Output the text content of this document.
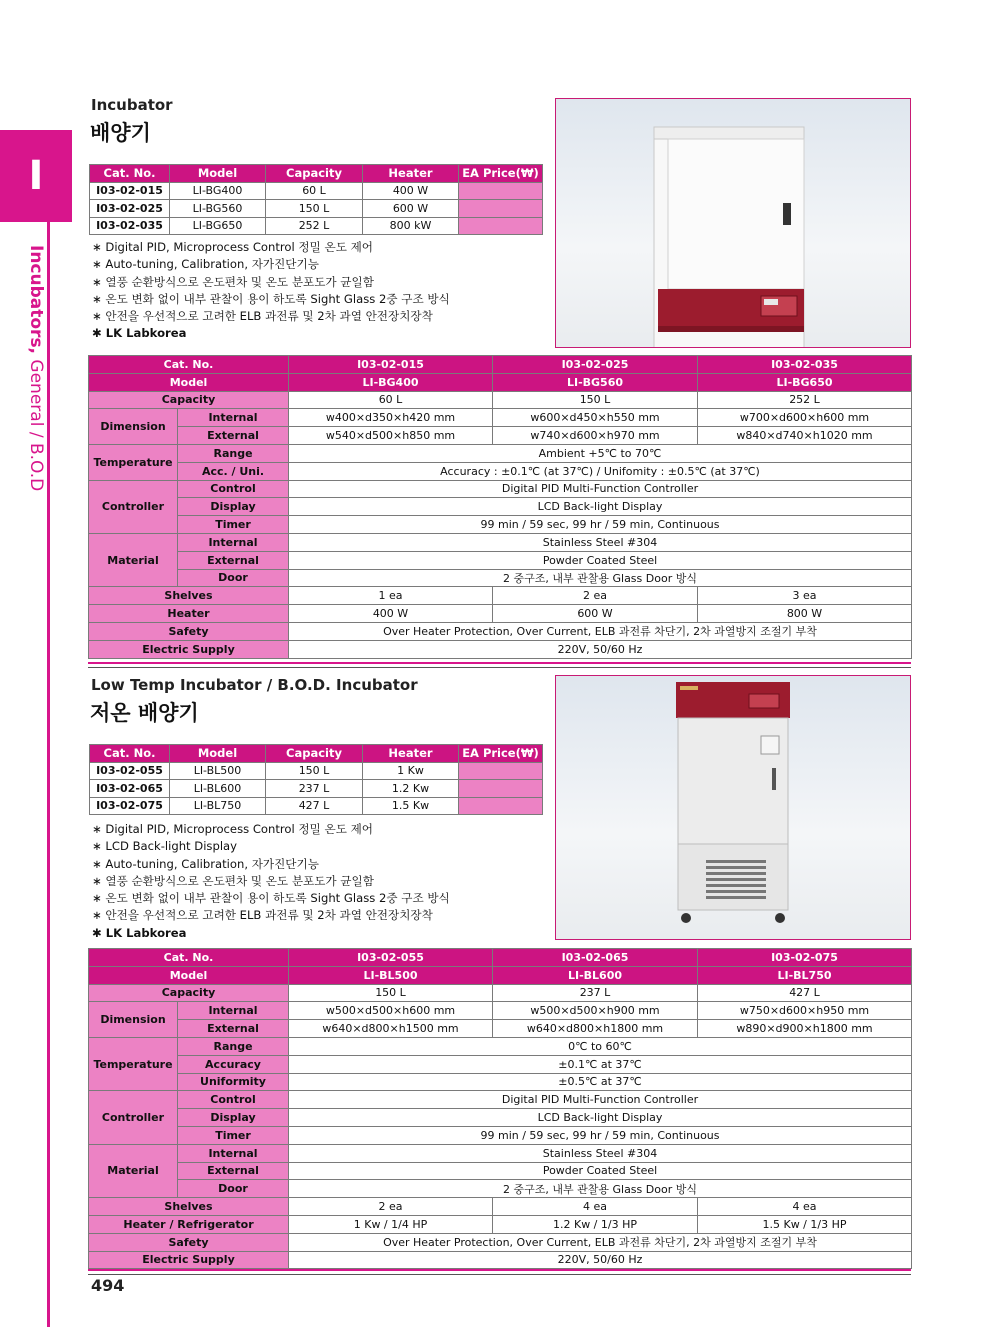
I
Incubators, General / B.O.D
Incubator
배양기
Cat. No.	Model	Capacity	Heater	EA Price(₩)
I03-02-015	LI-BG400	60 L	400 W	
I03-02-025	LI-BG560	150 L	600 W	
I03-02-035	LI-BG650	252 L	800 kW	
∗ Digital PID, Microprocess Control 정밀 온도 제어
∗ Auto-tuning, Calibration, 자가진단기능
∗ 열풍 순환방식으로 온도편차 및 온도 분포도가 균일함
∗ 온도 변화 없이 내부 관찰이 용이 하도록 Sight Glass 2중 구조 방식
∗ 안전을 우선적으로 고려한 ELB 과전류 및 2차 과열 안전장치장착
✱ LK Labkorea
Cat. No.		I03-02-015	I03-02-025	I03-02-035
Model		LI-BG400	LI-BG560	LI-BG650
Capacity		60 L	150 L	252 L
Dimension	Internal	w400×d350×h420 mm	w600×d450×h550 mm	w700×d600×h600 mm
	External	w540×d500×h850 mm	w740×d600×h970 mm	w840×d740×h1020 mm
Temperature	Range	Ambient +5℃ to 70℃		
	Acc. / Uni.	Accuracy : ±0.1℃ (at 37℃) / Unifomity : ±0.5℃ (at 37℃)		
Controller	Control	Digital PID Multi-Function Controller		
	Display	LCD Back-light Display		
	Timer	99 min / 59 sec, 99 hr / 59 min, Continuous		
Material	Internal	Stainless Steel #304		
	External	Powder Coated Steel		
	Door	2 중구조, 내부 관찰용 Glass Door 방식		
Shelves		1 ea	2 ea	3 ea
Heater		400 W	600 W	800 W
Safety		Over Heater Protection, Over Current, ELB 과전류 차단기, 2차 과열방지 조절기 부착		
Electric Supply		220V, 50/60 Hz		
Low Temp Incubator / B.O.D. Incubator
저온 배양기
Cat. No.	Model	Capacity	Heater	EA Price(₩)
I03-02-055	LI-BL500	150 L	1 Kw	
I03-02-065	LI-BL600	237 L	1.2 Kw	
I03-02-075	LI-BL750	427 L	1.5 Kw	
∗ Digital PID, Microprocess Control 정밀 온도 제어
∗ LCD Back-light Display
∗ Auto-tuning, Calibration, 자가진단기능
∗ 열풍 순환방식으로 온도편차 및 온도 분포도가 균일함
∗ 온도 변화 없이 내부 관찰이 용이 하도록 Sight Glass 2중 구조 방식
∗ 안전을 우선적으로 고려한 ELB 과전류 및 2차 과열 안전장치장착
✱ LK Labkorea
Cat. No.		I03-02-055	I03-02-065	I03-02-075
Model		LI-BL500	LI-BL600	LI-BL750
Capacity		150 L	237 L	427 L
Dimension	Internal	w500×d500×h600 mm	w500×d500×h900 mm	w750×d600×h950 mm
	External	w640×d800×h1500 mm	w640×d800×h1800 mm	w890×d900×h1800 mm
Temperature	Range	0℃ to 60℃		
	Accuracy	±0.1℃ at 37℃		
	Uniformity	±0.5℃ at 37℃		
Controller	Control	Digital PID Multi-Function Controller		
	Display	LCD Back-light Display		
	Timer	99 min / 59 sec, 99 hr / 59 min, Continuous		
Material	Internal	Stainless Steel #304		
	External	Powder Coated Steel		
	Door	2 중구조, 내부 관찰용 Glass Door 방식		
Shelves		2 ea	4 ea	4 ea
Heater / Refrigerator		1 Kw / 1/4 HP	1.2 Kw / 1/3 HP	1.5 Kw / 1/3 HP
Safety		Over Heater Protection, Over Current, ELB 과전류 차단기, 2차 과열방지 조절기 부착		
Electric Supply		220V, 50/60 Hz		
494
